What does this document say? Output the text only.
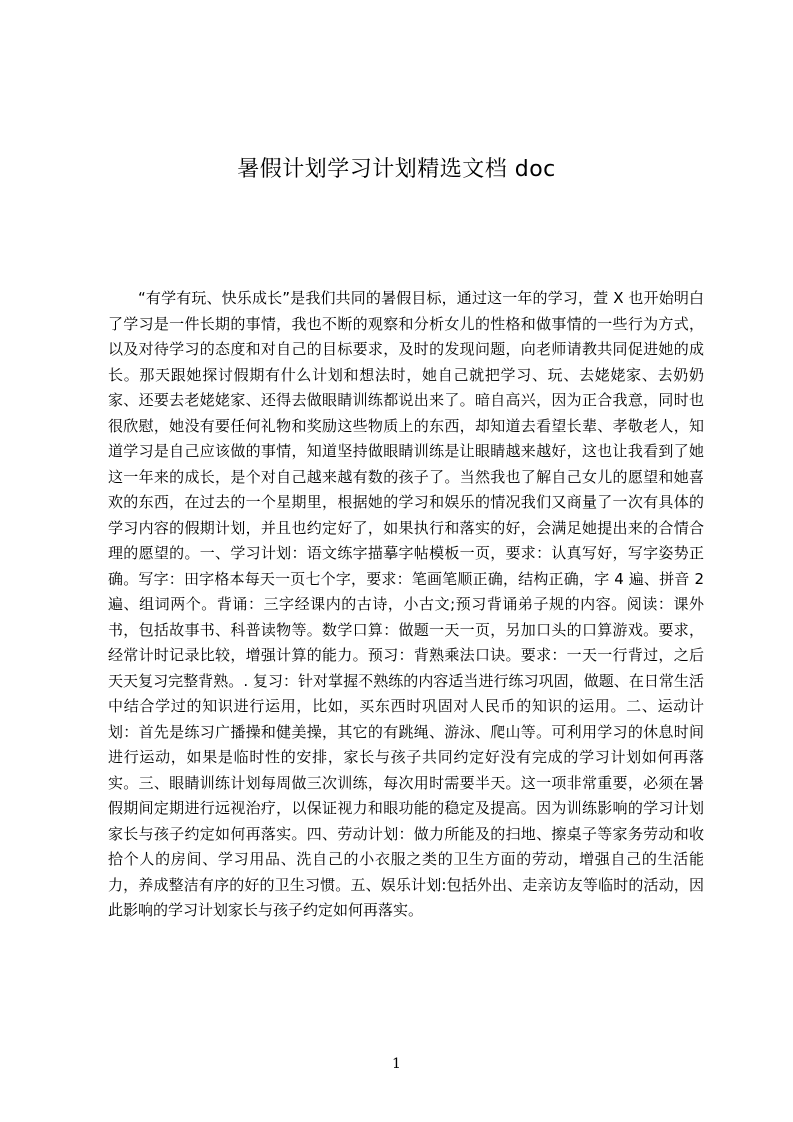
暑假计划学习计划精选文档 doc

“有学有玩、快乐成长”是我们共同的暑假目标，通过这一年的学习，萱 X 也开始明白了学习是一件长期的事情，我也不断的观察和分析女儿的性格和做事情的一些行为方式，以及对待学习的态度和对自己的目标要求，及时的发现问题，向老师请教共同促进她的成长。那天跟她探讨假期有什么计划和想法时，她自己就把学习、玩、去姥姥家、去奶奶家、还要去老姥姥家、还得去做眼睛训练都说出来了。暗自高兴，因为正合我意，同时也很欣慰，她没有要任何礼物和奖励这些物质上的东西，却知道去看望长辈、孝敬老人，知道学习是自己应该做的事情，知道坚持做眼睛训练是让眼睛越来越好，这也让我看到了她这一年来的成长，是个对自己越来越有数的孩子了。当然我也了解自己女儿的愿望和她喜欢的东西，在过去的一个星期里，根据她的学习和娱乐的情况我们又商量了一次有具体的学习内容的假期计划，并且也约定好了，如果执行和落实的好，会满足她提出来的合情合理的愿望的。一、学习计划：语文练字描摹字帖模板一页，要求：认真写好，写字姿势正确。写字：田字格本每天一页七个字，要求：笔画笔顺正确，结构正确，字 4 遍、拼音 2 遍、组词两个。背诵：三字经课内的古诗，小古文;预习背诵弟子规的内容。阅读：课外书，包括故事书、科普读物等。数学口算：做题一天一页，另加口头的口算游戏。要求，经常计时记录比较，增强计算的能力。预习：背熟乘法口诀。要求：一天一行背过，之后天天复习完整背熟。. 复习：针对掌握不熟练的内容适当进行练习巩固，做题、在日常生活中结合学过的知识进行运用，比如，买东西时巩固对人民币的知识的运用。二、运动计划：首先是练习广播操和健美操，其它的有跳绳、游泳、爬山等。可利用学习的休息时间进行运动，如果是临时性的安排，家长与孩子共同约定好没有完成的学习计划如何再落实。三、眼睛训练计划每周做三次训练，每次用时需要半天。这一项非常重要，必须在暑假期间定期进行远视治疗，以保证视力和眼功能的稳定及提高。因为训练影响的学习计划家长与孩子约定如何再落实。四、劳动计划：做力所能及的扫地、擦桌子等家务劳动和收拾个人的房间、学习用品、洗自己的小衣服之类的卫生方面的劳动，增强自己的生活能力，养成整洁有序的好的卫生习惯。五、娱乐计划:包括外出、走亲访友等临时的活动，因此影响的学习计划家长与孩子约定如何再落实。

1
